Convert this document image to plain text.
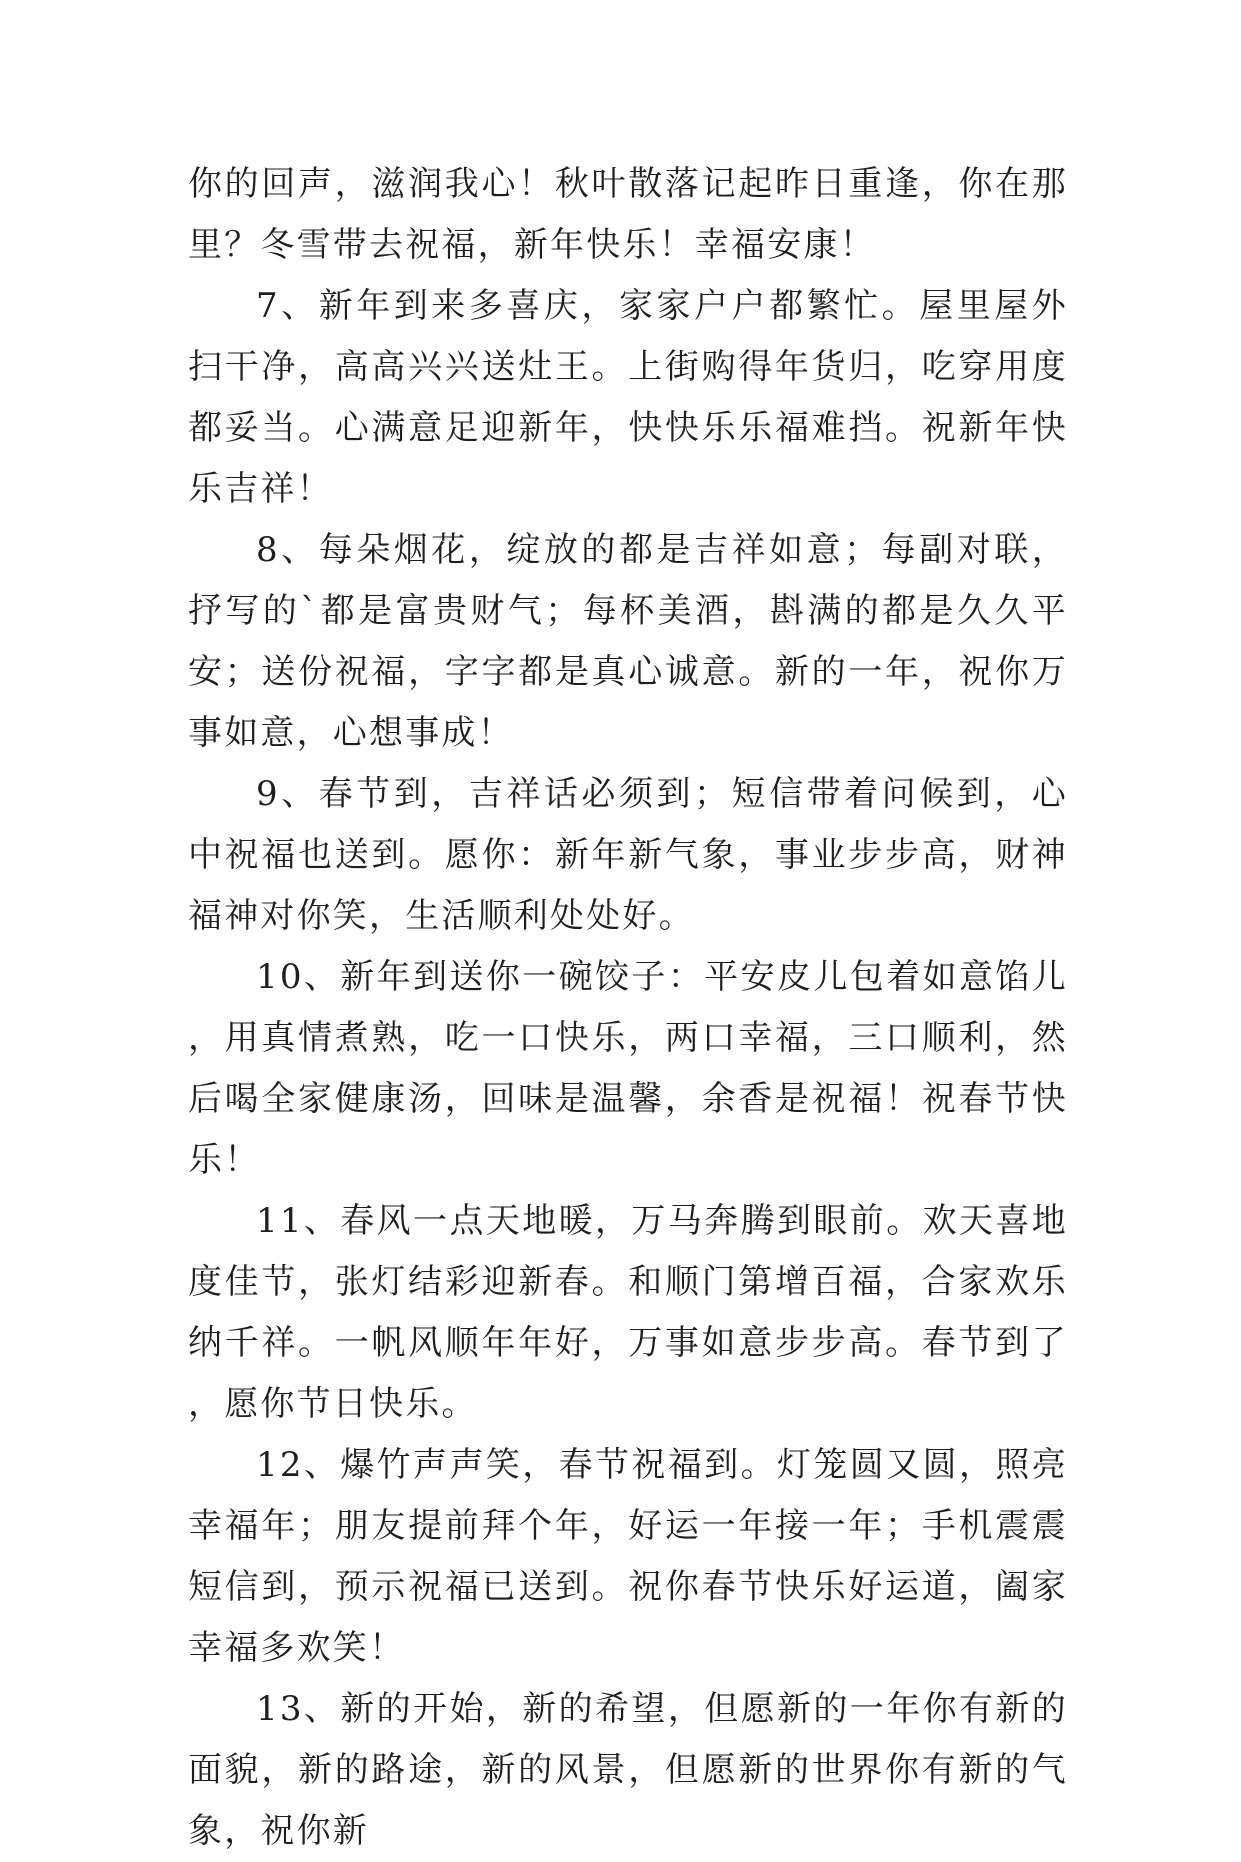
你的回声，滋润我心！秋叶散落记起昨日重逢，你在那里？冬雪带去祝福，新年快乐！幸福安康！

7、新年到来多喜庆，家家户户都繁忙。屋里屋外扫干净，高高兴兴送灶王。上街购得年货归，吃穿用度都妥当。心满意足迎新年，快快乐乐福难挡。祝新年快乐吉祥！

8、每朵烟花，绽放的都是吉祥如意；每副对联，抒写的`都是富贵财气；每杯美酒，斟满的都是久久平安；送份祝福，字字都是真心诚意。新的一年，祝你万事如意，心想事成！

9、春节到，吉祥话必须到；短信带着问候到，心中祝福也送到。愿你：新年新气象，事业步步高，财神福神对你笑，生活顺利处处好。

10、新年到送你一碗饺子：平安皮儿包着如意馅儿，用真情煮熟，吃一口快乐，两口幸福，三口顺利，然后喝全家健康汤，回味是温馨，余香是祝福！祝春节快乐！

11、春风一点天地暖，万马奔腾到眼前。欢天喜地度佳节，张灯结彩迎新春。和顺门第增百福，合家欢乐纳千祥。一帆风顺年年好，万事如意步步高。春节到了，愿你节日快乐。

12、爆竹声声笑，春节祝福到。灯笼圆又圆，照亮幸福年；朋友提前拜个年，好运一年接一年；手机震震短信到，预示祝福已送到。祝你春节快乐好运道，阖家幸福多欢笑！

13、新的开始，新的希望，但愿新的一年你有新的面貌，新的路途，新的风景，但愿新的世界你有新的气象，祝你新
